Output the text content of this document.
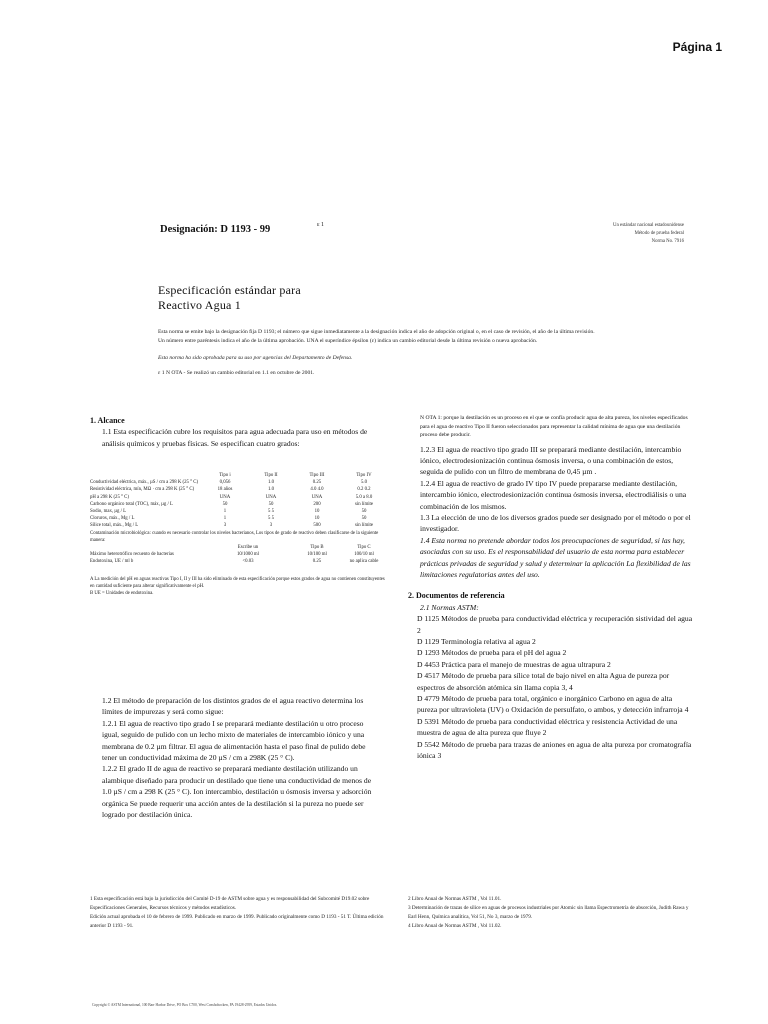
Página 1
Designación: D 1193 - 99	ε 1	Un estándar nacional estadounidense
Método de prueba federal
Norma No. 7916
Especificación estándar para
Reactivo Agua 1

Esta norma se emite bajo la designación fija D 1193; el número que sigue inmediatamente a la designación indica el año de adopción original o, en el caso de revisión, el año de la última revisión. Un número entre paréntesis indica el año de la última aprobación. UNA el superíndice épsilon (ε) indica un cambio editorial desde la última revisión o nueva aprobación.

Esta norma ha sido aprobada para su uso por agencias del Departamento de Defensa.

ε 1 N OTA - Se realizó un cambio editorial en 1.1 en octubre de 2001.

1. Alcance

1.1 Esta especificación cubre los requisitos para agua adecuada para uso en métodos de análisis químicos y pruebas físicas. Se especifican cuatro grados:

	Tipo i	Tipo II	Tipo III	Tipo IV
Conductividad eléctrica, máx., µS / cm a 298 K (25 ° C)	0,056	1.0	0.25	5.0
Resistividad eléctrica, mín, MΩ · cm a 298 K (25 ° C)	18 años	1.0	4.0 4.0	0.2 0.2
pH a 298 K (25 ° C)	UNA	UNA	UNA	5.0 a 8.0
Carbono orgánico total (TOC), máx, µg / L	50	50	200	sin límite
Sodio, max, µg / L	1	5 5	10	50
Cloruros, máx., Mg / L	1	5 5	10	50
Sílice total, máx., Mg / L	3	3	500	sin límite
Contaminación microbiológica: cuando es necesario controlar los niveles bacterianos, Los tipos de grado de reactivo deben clasificarse de la siguiente manera:				
	Escribe un		Tipo B	Tipo C
Máximo heterotrófico recuento de bacterias	10/1000 ml		10/100 ml	100/10 ml
Endotoxina, UE / ml b	<0.03		0.25	no aplica cable
A La medición del pH en aguas reactivas Tipo I, II y III ha sido eliminado de esta especificación porque estos grados de agua no contienen constituyentes en cantidad suficiente para alterar significativamente el pH.
B UE = Unidades de endotoxina.

1.2 El método de preparación de los distintos grados de el agua reactivo determina los límites de impurezas y será como sigue:

1.2.1 El agua de reactivo tipo grado I se preparará mediante destilación u otro proceso igual, seguido de pulido con un lecho mixto de materiales de intercambio iónico y una membrana de 0.2 µm filtrar. El agua de alimentación hasta el paso final de pulido debe tener un conductividad máxima de 20 µS / cm a 298K (25 ° C).

1.2.2 El grado II de agua de reactivo se preparará mediante destilación utilizando un alambique diseñado para producir un destilado que tiene una conductividad de menos de 1.0 µS / cm a 298 K (25 ° C). Ion intercambio, destilación u ósmosis inversa y adsorción orgánica Se puede requerir una acción antes de la destilación si la pureza no puede ser logrado por destilación única.

N OTA 1: porque la destilación es un proceso en el que se confía producir agua de alta pureza, los niveles especificados para el agua de reactivo Tipo II fueron seleccionados para representar la calidad mínima de agua que una destilación proceso debe producir.

1.2.3 El agua de reactivo tipo grado III se preparará mediante destilación, intercambio iónico, electrodesionización continua ósmosis inversa, o una combinación de estos, seguida de pulido con un filtro de membrana de 0,45 µm .

1.2.4 El agua de reactivo de grado IV tipo IV puede prepararse mediante destilación, intercambio iónico, electrodesionización continua ósmosis inversa, electrodiálisis o una combinación de los mismos.

1.3 La elección de uno de los diversos grados puede ser designado por el método o por el investigador.

1.4 Esta norma no pretende abordar todos los preocupaciones de seguridad, si las hay, asociadas con su uso. Es el responsabilidad del usuario de esta norma para establecer prácticas privadas de seguridad y salud y determinar la aplicación La flexibilidad de las limitaciones regulatorias antes del uso.

2. Documentos de referencia

2.1 Normas ASTM:

D 1125 Métodos de prueba para conductividad eléctrica y recuperación sistividad del agua 2

D 1129 Terminología relativa al agua 2

D 1293 Métodos de prueba para el pH del agua 2

D 4453 Práctica para el manejo de muestras de agua ultrapura 2

D 4517 Método de prueba para sílice total de bajo nivel en alta Agua de pureza por espectros de absorción atómica sin llama copia 3, 4

D 4779 Método de prueba para total, orgánico e inorgánico Carbono en agua de alta pureza por ultravioleta (UV) o Oxidación de persulfato, o ambos, y detección infrarroja 4

D 5391 Método de prueba para conductividad eléctrica y resistencia Actividad de una muestra de agua de alta pureza que fluye 2

D 5542 Método de prueba para trazas de aniones en agua de alta pureza por cromatografía iónica 3

1 Esta especificación está bajo la jurisdicción del Comité D-19 de ASTM sobre agua y es responsabilidad del Subcomité D19.02 sobre Especificaciones Generales, Recursos técnicos y métodos estadísticos.
Edición actual aprobada el 10 de febrero de 1999. Publicado en marzo de 1999. Publicado originalmente como D 1193 - 51 T. Última edición anterior D 1193 - 91.
2 Libro Anual de Normas ASTM , Vol 11.01.
3 Determinación de trazas de sílice en aguas de procesos industriales por Atomic sin llama Espectrometría de absorción, Judith Rawa y Earl Henn, Química analítica, Vol 51, No 3, marzo de 1979.
4 Libro Anual de Normas ASTM , Vol 11.02.
Copyright © ASTM International, 100 Barr Harbor Drive, PO Box C700, West Conshohocken, PA 19428-2959, Estados Unidos.
